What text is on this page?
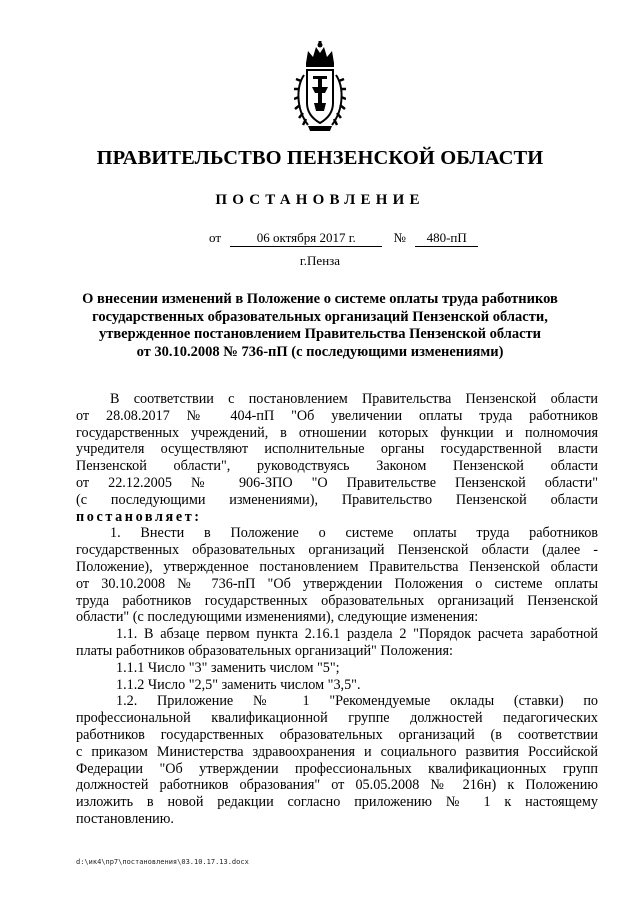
ПРАВИТЕЛЬСТВО ПЕНЗЕНСКОЙ ОБЛАСТИ
ПОСТАНОВЛЕНИЕ
от	06 октября 2017 г.	№ 480-пП
г.Пенза
О внесении изменений в Положение о системе оплаты труда работников
государственных образовательных организаций Пензенской области,
утвержденное постановлением Правительства Пензенской области
от 30.10.2008 № 736-пП (с последующими изменениями)

В соответствии с постановлением Правительства Пензенской области

от 28.08.2017 № 404-пП "Об увеличении оплаты труда работников

государственных учреждений, в отношении которых функции и полномочия

учредителя осуществляют исполнительные органы государственной власти

Пензенской области", руководствуясь Законом Пензенской области

от 22.12.2005 № 906-ЗПО "О Правительстве Пензенской области"

(с последующими изменениями), Правительство Пензенской области

постановляет:

1. Внести в Положение о системе оплаты труда работников

государственных образовательных организаций Пензенской области (далее -

Положение), утвержденное постановлением Правительства Пензенской области

от 30.10.2008 № 736-пП "Об утверждении Положения о системе оплаты

труда работников государственных образовательных организаций Пензенской

области" (с последующими изменениями), следующие изменения:

1.1. В абзаце первом пункта 2.16.1 раздела 2 "Порядок расчета заработной

платы работников образовательных организаций" Положения:

1.1.1 Число "3" заменить числом "5";

1.1.2 Число "2,5" заменить числом "3,5".

1.2. Приложение № 1 "Рекомендуемые оклады (ставки) по

профессиональной квалификационной группе должностей педагогических

работников государственных образовательных организаций (в соответствии

с приказом Министерства здравоохранения и социального развития Российской

Федерации "Об утверждении профессиональных квалификационных групп

должностей работников образования" от 05.05.2008 № 216н) к Положению

изложить в новой редакции согласно приложению № 1 к настоящему

постановлению.

d:\ик4\пр7\постановления\03.10.17.13.docx
